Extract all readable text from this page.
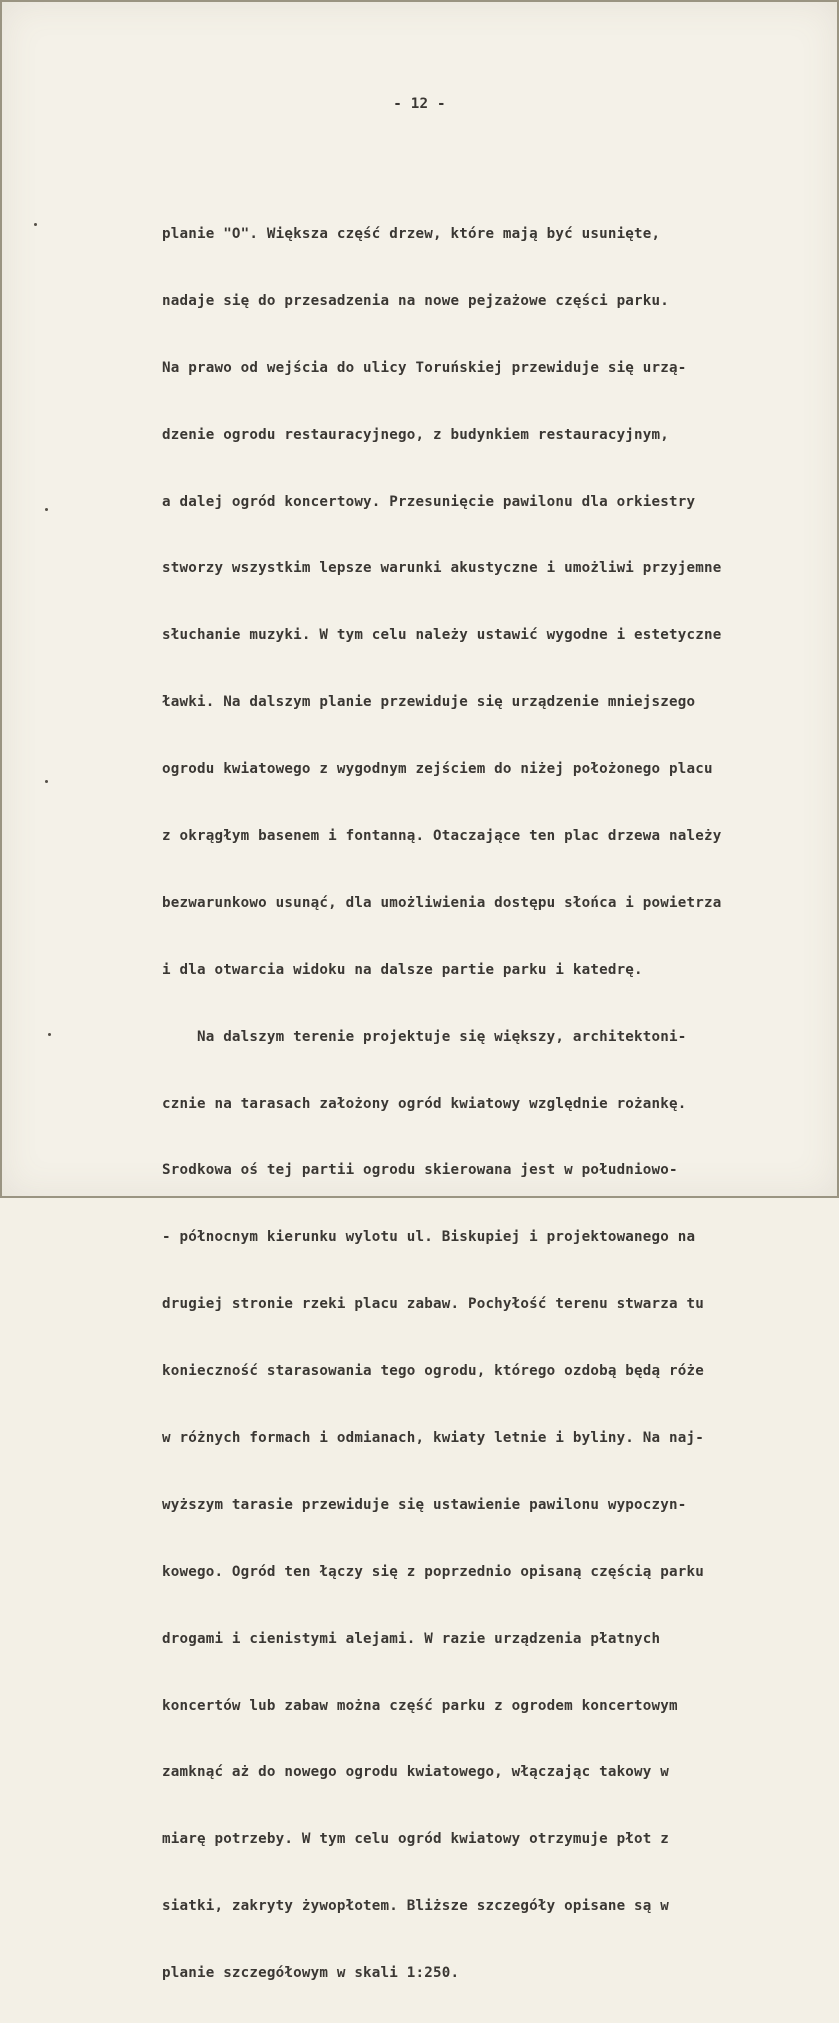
- 12 -

planie "O". Większa część drzew, które mają być usunięte,

nadaje się do przesadzenia na nowe pejzażowe części parku.

Na prawo od wejścia do ulicy Toruńskiej przewiduje się urzą-

dzenie ogrodu restauracyjnego, z budynkiem restauracyjnym,

a dalej ogród koncertowy. Przesunięcie pawilonu dla orkiestry

stworzy wszystkim lepsze warunki akustyczne i umożliwi przyjemne

słuchanie muzyki. W tym celu należy ustawić wygodne i estetyczne

ławki. Na dalszym planie przewiduje się urządzenie mniejszego

ogrodu kwiatowego z wygodnym zejściem do niżej położonego placu

z okrągłym basenem i fontanną. Otaczające ten plac drzewa należy

bezwarunkowo usunąć, dla umożliwienia dostępu słońca i powietrza

i dla otwarcia widoku na dalsze partie parku i katedrę.

Na dalszym terenie projektuje się większy, architektoni-

cznie na tarasach założony ogród kwiatowy względnie rożankę.

Srodkowa oś tej partii ogrodu skierowana jest w południowo-

- północnym kierunku wylotu ul. Biskupiej i projektowanego na

drugiej stronie rzeki placu zabaw. Pochyłość terenu stwarza tu

konieczność starasowania tego ogrodu, którego ozdobą będą róże

w różnych formach i odmianach, kwiaty letnie i byliny. Na naj-

wyższym tarasie przewiduje się ustawienie pawilonu wypoczyn-

kowego. Ogród ten łączy się z poprzednio opisaną częścią parku

drogami i cienistymi alejami. W razie urządzenia płatnych

koncertów lub zabaw można część parku z ogrodem koncertowym

zamknąć aż do nowego ogrodu kwiatowego, włączając takowy w

miarę potrzeby. W tym celu ogród kwiatowy otrzymuje płot z

siatki, zakryty żywopłotem. Bliższe szczegóły opisane są w

planie szczegółowym w skali 1:250.
